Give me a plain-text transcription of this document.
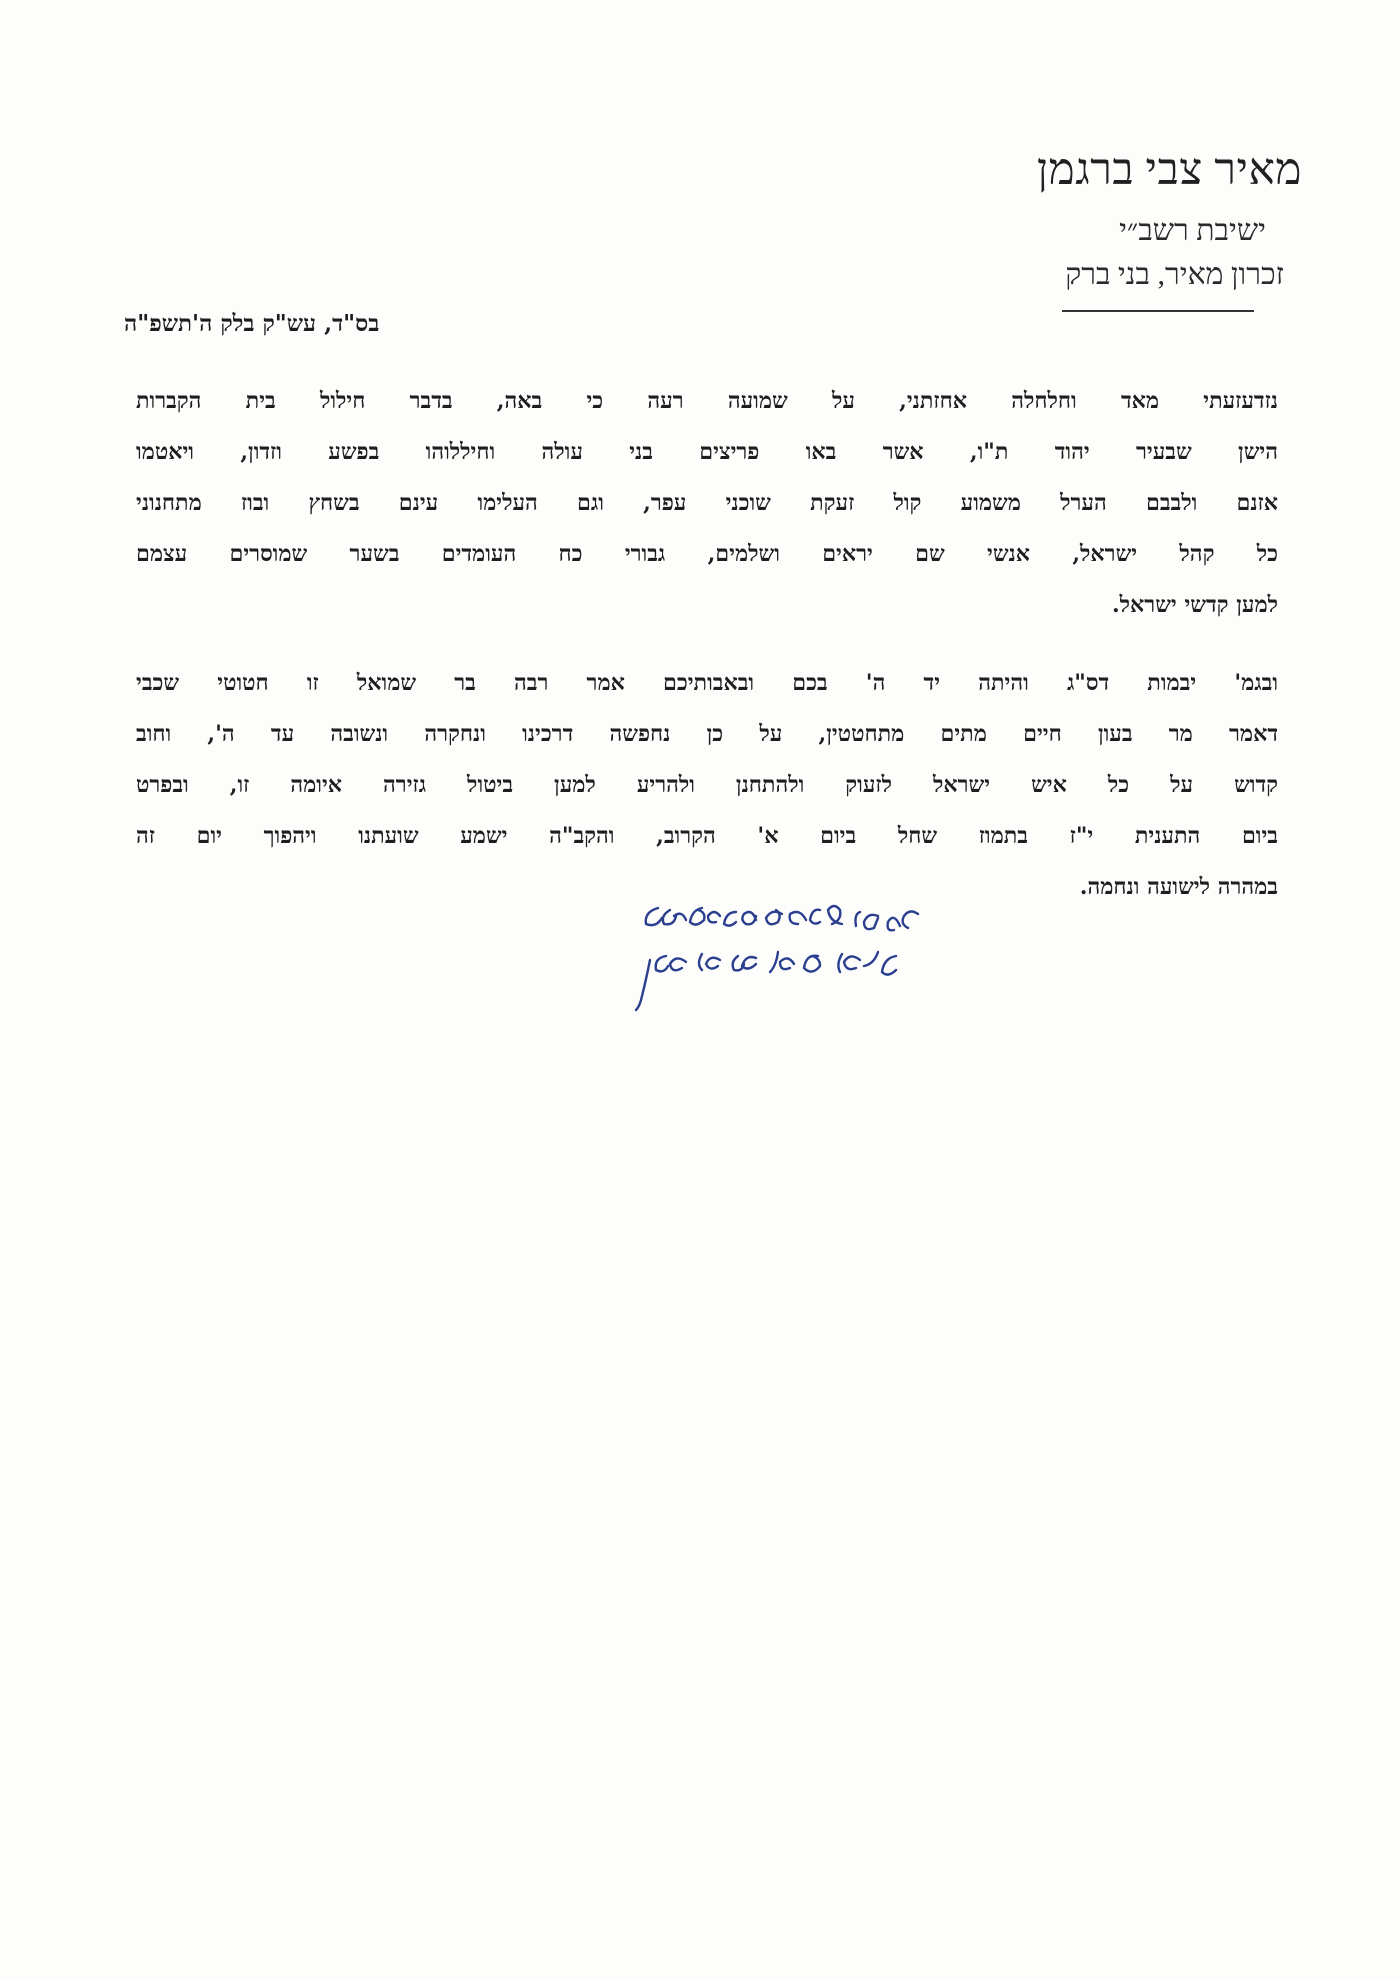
מאיר צבי ברגמן
ישיבת רשב״י
זכרון מאיר, בני ברק
בס"ד, עש"ק בלק ה'תשפ"ה
נזדעזעתי מאד וחלחלה אחזתני, על שמועה רעה כי באה, בדבר חילול בית הקברות
הישן שבעיר יהוד ת"ו, אשר באו פריצים בני עולה וחיללוהו בפשע וזדון, ויאטמו
אזנם ולבבם הערל משמוע קול זעקת שוכני עפר, וגם העלימו עינם בשחץ ובוז מתחנוני
כל קהל ישראל, אנשי שם יראים ושלמים, גבורי כח העומדים בשער שמוסרים עצמם
למען קדשי ישראל.
ובגמ' יבמות דס"ג והיתה יד ה' בכם ובאבותיכם אמר רבה בר שמואל זו חטוטי שכבי
דאמר מר בעון חיים מתים מתחטטין, על כן נחפשה דרכינו ונחקרה ונשובה עד ה', וחוב
קדוש על כל איש ישראל לזעוק ולהתחנן ולהריע למען ביטול גזירה איומה זו, ובפרט
ביום התענית י"ז בתמוז שחל ביום א' הקרוב, והקב"ה ישמע שועתנו ויהפוך יום זה
במהרה לישועה ונחמה.
